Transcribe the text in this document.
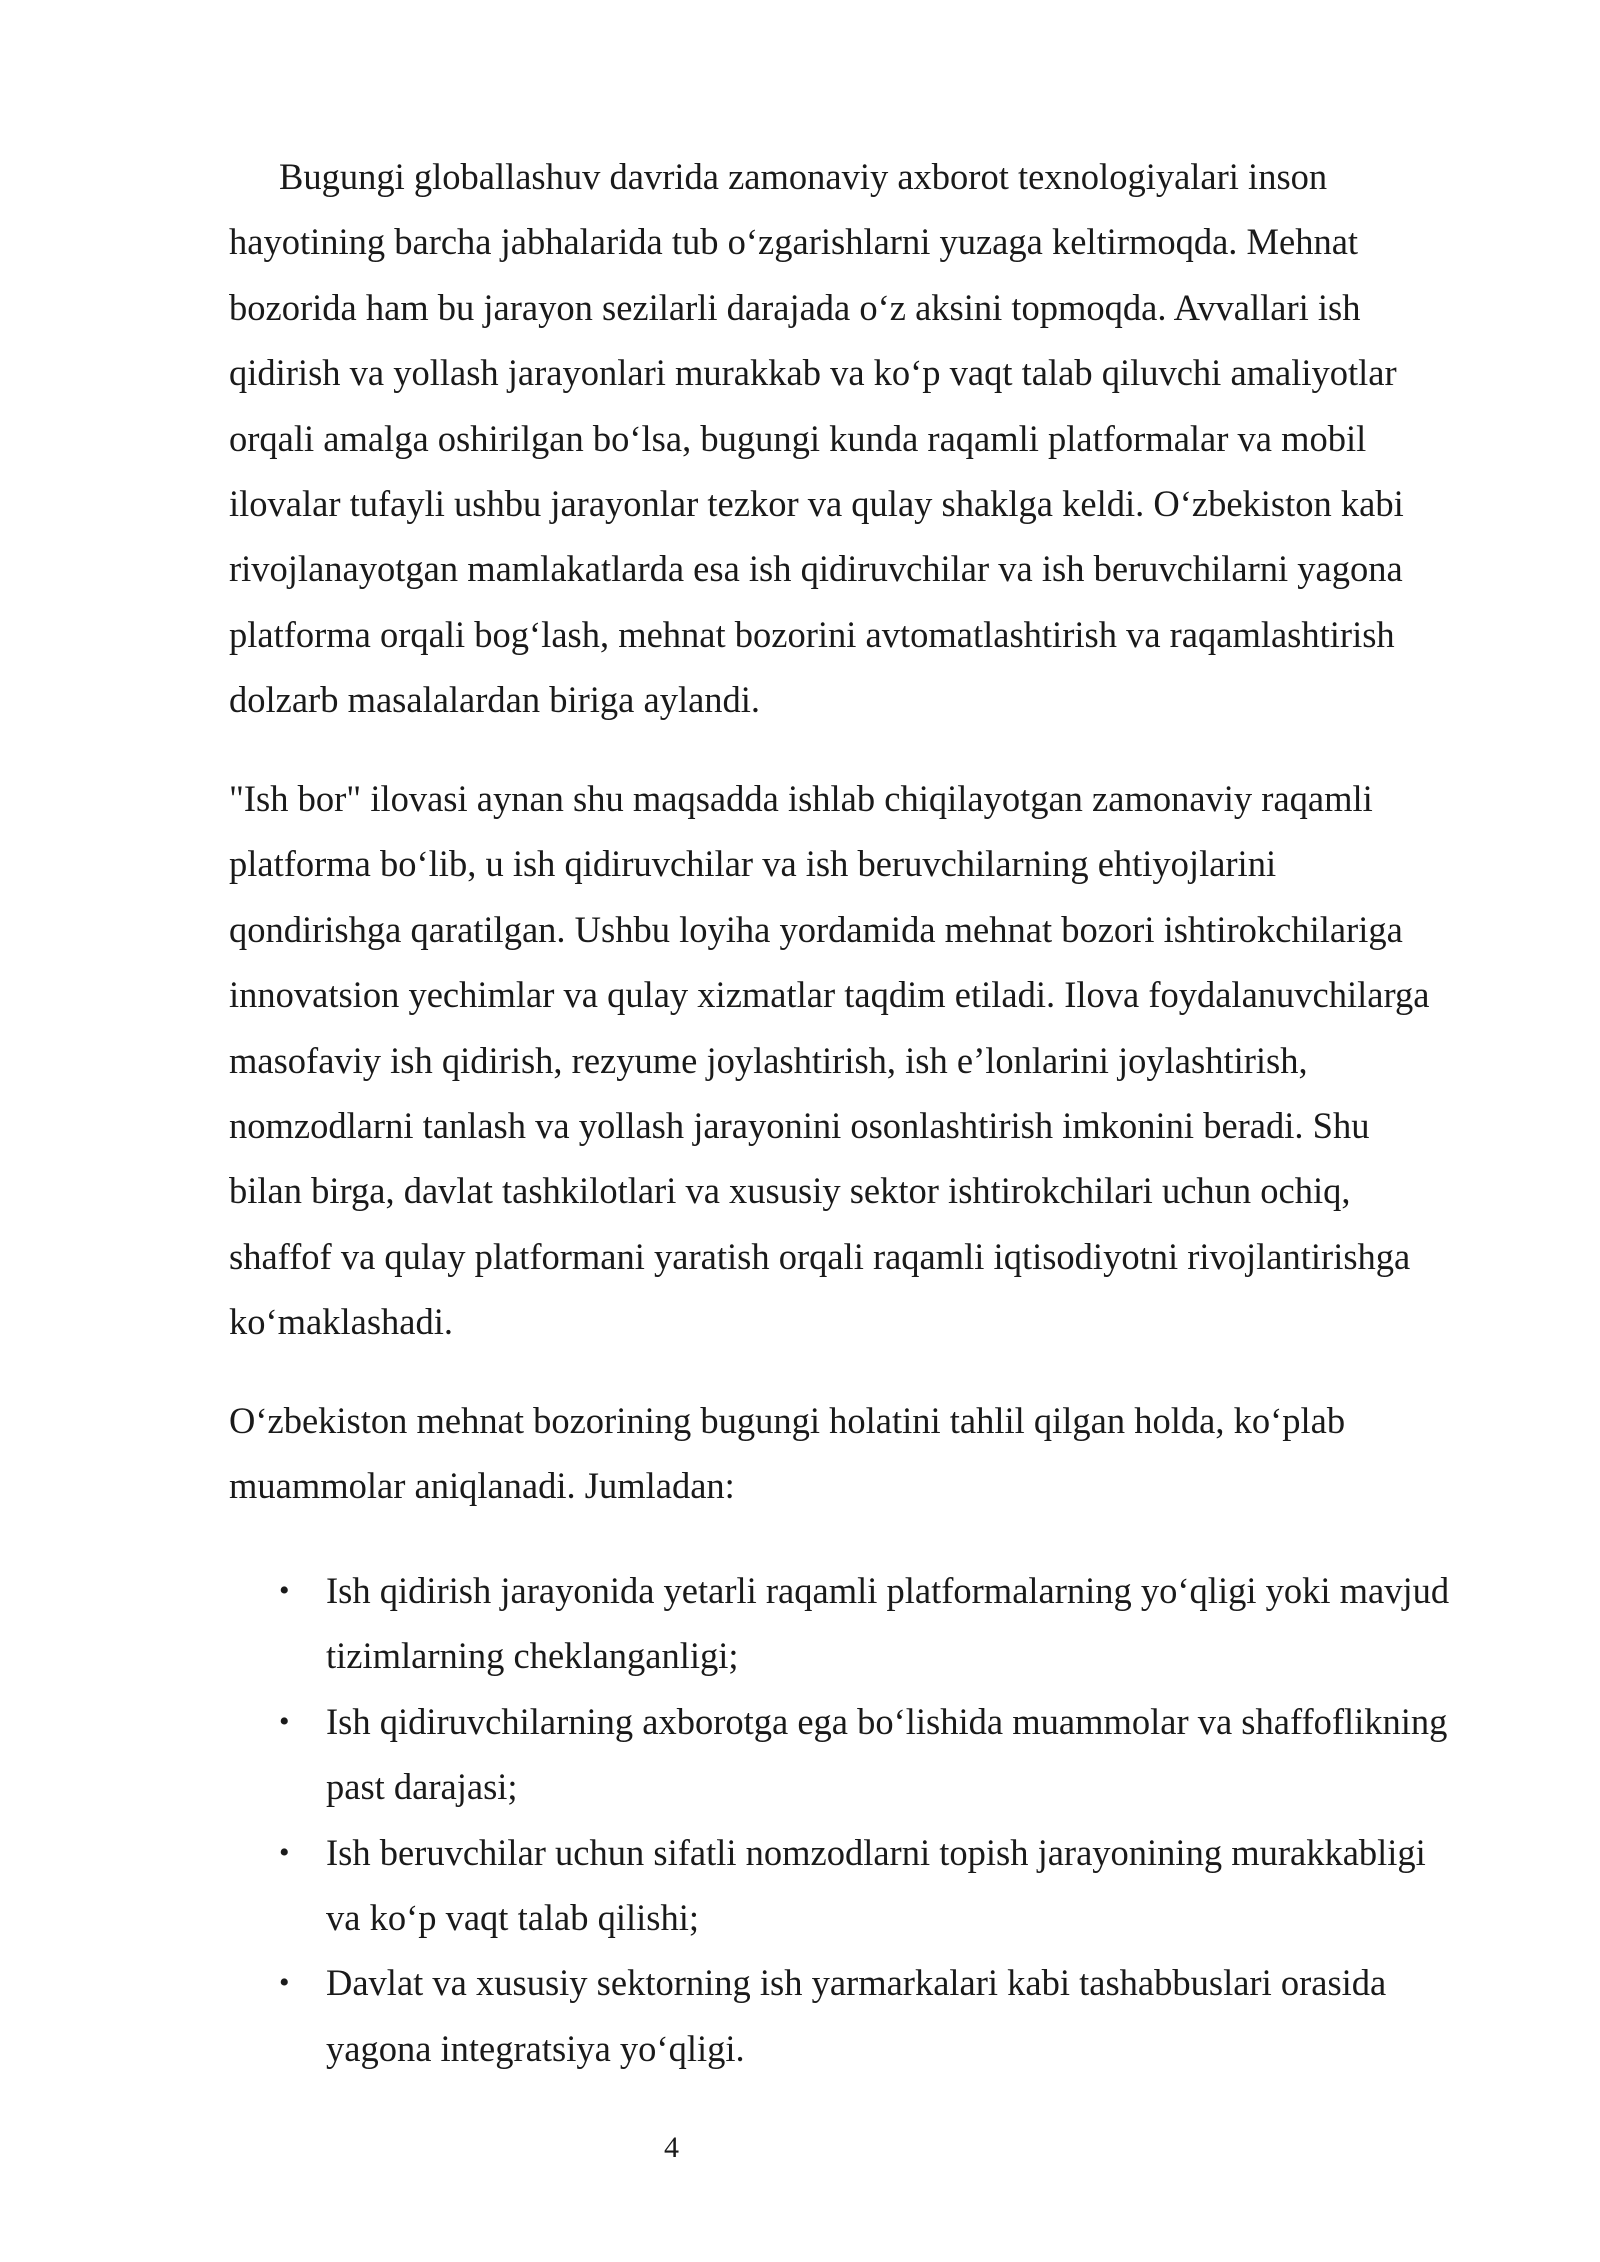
Bugungi globallashuv davrida zamonaviy axborot texnologiyalari inson
hayotining barcha jabhalarida tub o‘zgarishlarni yuzaga keltirmoqda. Mehnat
bozorida ham bu jarayon sezilarli darajada o‘z aksini topmoqda. Avvallari ish
qidirish va yollash jarayonlari murakkab va ko‘p vaqt talab qiluvchi amaliyotlar
orqali amalga oshirilgan bo‘lsa, bugungi kunda raqamli platformalar va mobil
ilovalar tufayli ushbu jarayonlar tezkor va qulay shaklga keldi. O‘zbekiston kabi
rivojlanayotgan mamlakatlarda esa ish qidiruvchilar va ish beruvchilarni yagona
platforma orqali bog‘lash, mehnat bozorini avtomatlashtirish va raqamlashtirish
dolzarb masalalardan biriga aylandi.
"Ish bor" ilovasi aynan shu maqsadda ishlab chiqilayotgan zamonaviy raqamli
platforma bo‘lib, u ish qidiruvchilar va ish beruvchilarning ehtiyojlarini
qondirishga qaratilgan. Ushbu loyiha yordamida mehnat bozori ishtirokchilariga
innovatsion yechimlar va qulay xizmatlar taqdim etiladi. Ilova foydalanuvchilarga
masofaviy ish qidirish, rezyume joylashtirish, ish e’lonlarini joylashtirish,
nomzodlarni tanlash va yollash jarayonini osonlashtirish imkonini beradi. Shu
bilan birga, davlat tashkilotlari va xususiy sektor ishtirokchilari uchun ochiq,
shaffof va qulay platformani yaratish orqali raqamli iqtisodiyotni rivojlantirishga
ko‘maklashadi.
O‘zbekiston mehnat bozorining bugungi holatini tahlil qilgan holda, ko‘plab
muammolar aniqlanadi. Jumladan:
• Ish qidirish jarayonida yetarli raqamli platformalarning yo‘qligi yoki mavjud
tizimlarning cheklanganligi;
• Ish qidiruvchilarning axborotga ega bo‘lishida muammolar va shaffoflikning
past darajasi;
• Ish beruvchilar uchun sifatli nomzodlarni topish jarayonining murakkabligi
va ko‘p vaqt talab qilishi;
• Davlat va xususiy sektorning ish yarmarkalari kabi tashabbuslari orasida
yagona integratsiya yo‘qligi.
4
